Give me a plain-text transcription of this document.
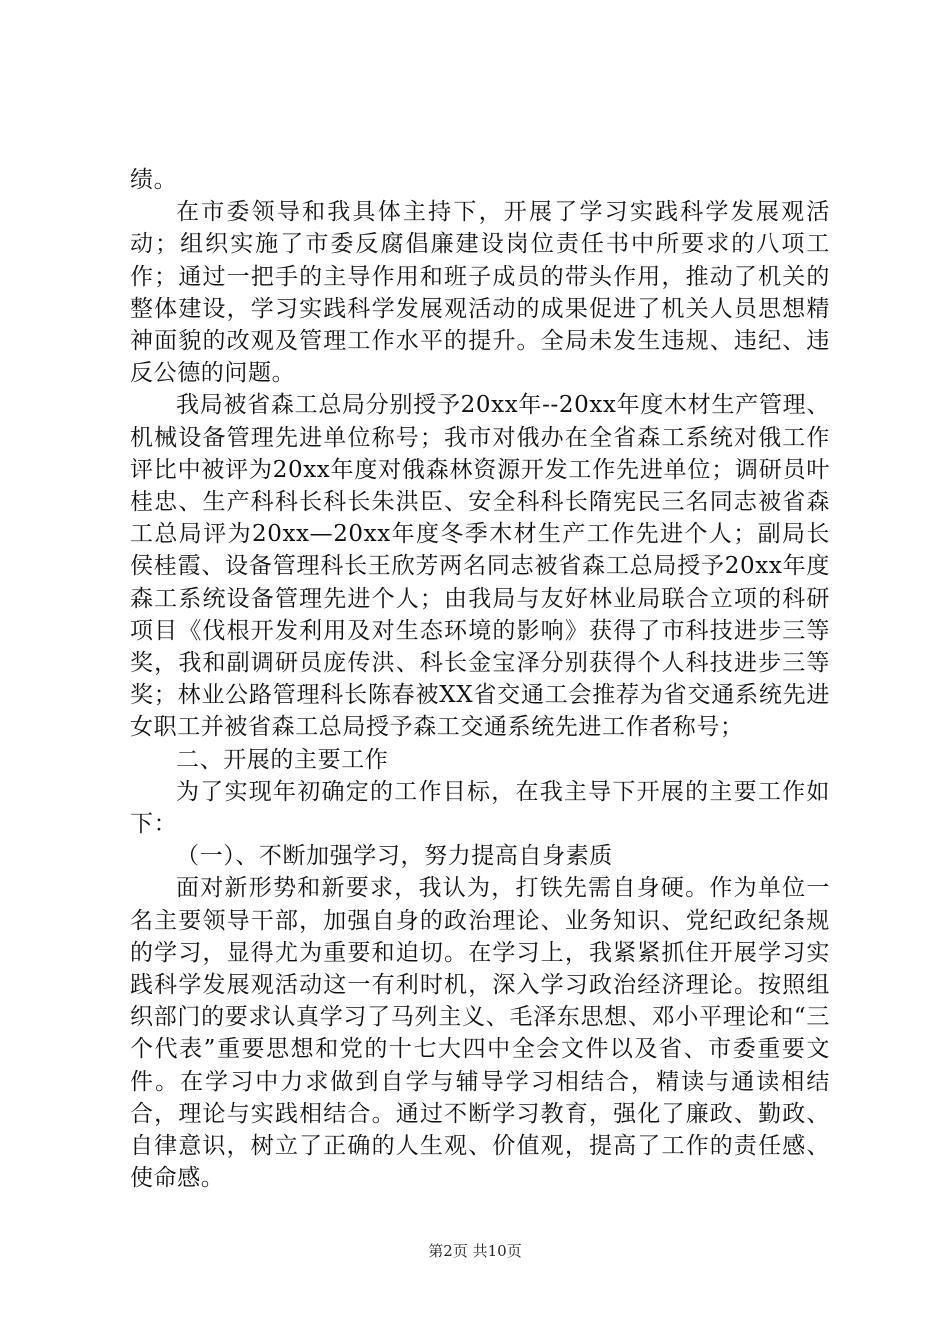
绩。

在市委领导和我具体主持下，开展了学习实践科学发展观活动；组织实施了市委反腐倡廉建设岗位责任书中所要求的八项工作；通过一把手的主导作用和班子成员的带头作用，推动了机关的整体建设，学习实践科学发展观活动的成果促进了机关人员思想精神面貌的改观及管理工作水平的提升。全局未发生违规、违纪、违反公德的问题。

我局被省森工总局分别授予20xx年--20xx年度木材生产管理、机械设备管理先进单位称号；我市对俄办在全省森工系统对俄工作评比中被评为20xx年度对俄森林资源开发工作先进单位；调研员叶桂忠、生产科科长科长朱洪臣、安全科科长隋宪民三名同志被省森工总局评为20xx—20xx年度冬季木材生产工作先进个人；副局长侯桂霞、设备管理科长王欣芳两名同志被省森工总局授予20xx年度森工系统设备管理先进个人；由我局与友好林业局联合立项的科研项目《伐根开发利用及对生态环境的影响》获得了市科技进步三等奖，我和副调研员庞传洪、科长金宝泽分别获得个人科技进步三等奖；林业公路管理科长陈春被XX省交通工会推荐为省交通系统先进女职工并被省森工总局授予森工交通系统先进工作者称号；

二、开展的主要工作

为了实现年初确定的工作目标，在我主导下开展的主要工作如下：

（一）、不断加强学习，努力提高自身素质

面对新形势和新要求，我认为，打铁先需自身硬。作为单位一名主要领导干部，加强自身的政治理论、业务知识、党纪政纪条规的学习，显得尤为重要和迫切。在学习上，我紧紧抓住开展学习实践科学发展观活动这一有利时机，深入学习政治经济理论。按照组织部门的要求认真学习了马列主义、毛泽东思想、邓小平理论和“三个代表”重要思想和党的十七大四中全会文件以及省、市委重要文件。在学习中力求做到自学与辅导学习相结合，精读与通读相结合，理论与实践相结合。通过不断学习教育，强化了廉政、勤政、自律意识，树立了正确的人生观、价值观，提高了工作的责任感、使命感。

第2页 共10页
